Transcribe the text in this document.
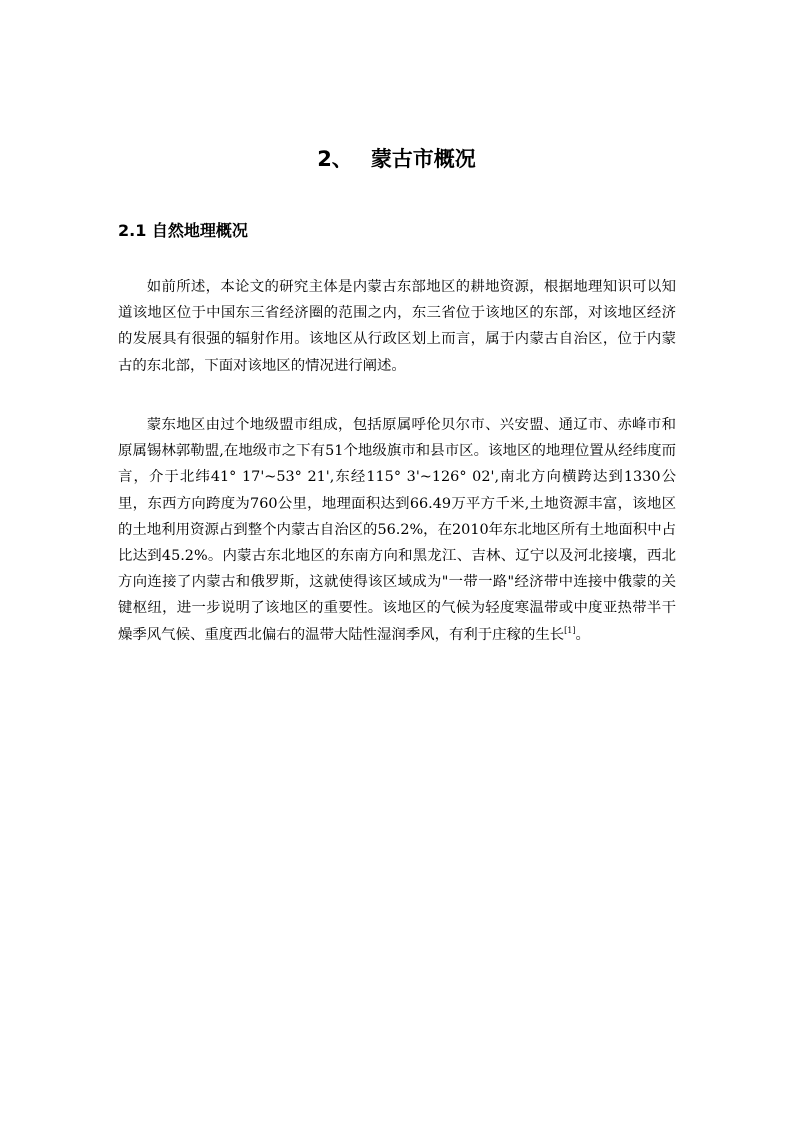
2、 蒙古市概况
2.1 自然地理概况

如前所述，本论文的研究主体是内蒙古东部地区的耕地资源，根据地理知识可以知道该地区位于中国东三省经济圈的范围之内，东三省位于该地区的东部，对该地区经济的发展具有很强的辐射作用。该地区从行政区划上而言，属于内蒙古自治区，位于内蒙古的东北部，下面对该地区的情况进行阐述。

蒙东地区由过个地级盟市组成，包括原属呼伦贝尔市、兴安盟、通辽市、赤峰市和原属锡林郭勒盟,在地级市之下有51个地级旗市和县市区。该地区的地理位置从经纬度而言，介于北纬41° 17'~53° 21',东经115° 3'~126° 02',南北方向横跨达到1330公里，东西方向跨度为760公里，地理面积达到66.49万平方千米,土地资源丰富，该地区的土地利用资源占到整个内蒙古自治区的56.2%，在2010年东北地区所有土地面积中占比达到45.2%。内蒙古东北地区的东南方向和黑龙江、吉林、辽宁以及河北接壤，西北方向连接了内蒙古和俄罗斯，这就使得该区域成为"一带一路"经济带中连接中俄蒙的关键枢纽，进一步说明了该地区的重要性。该地区的气候为轻度寒温带或中度亚热带半干燥季风气候、重度西北偏右的温带大陆性湿润季风，有利于庄稼的生长[1]。
